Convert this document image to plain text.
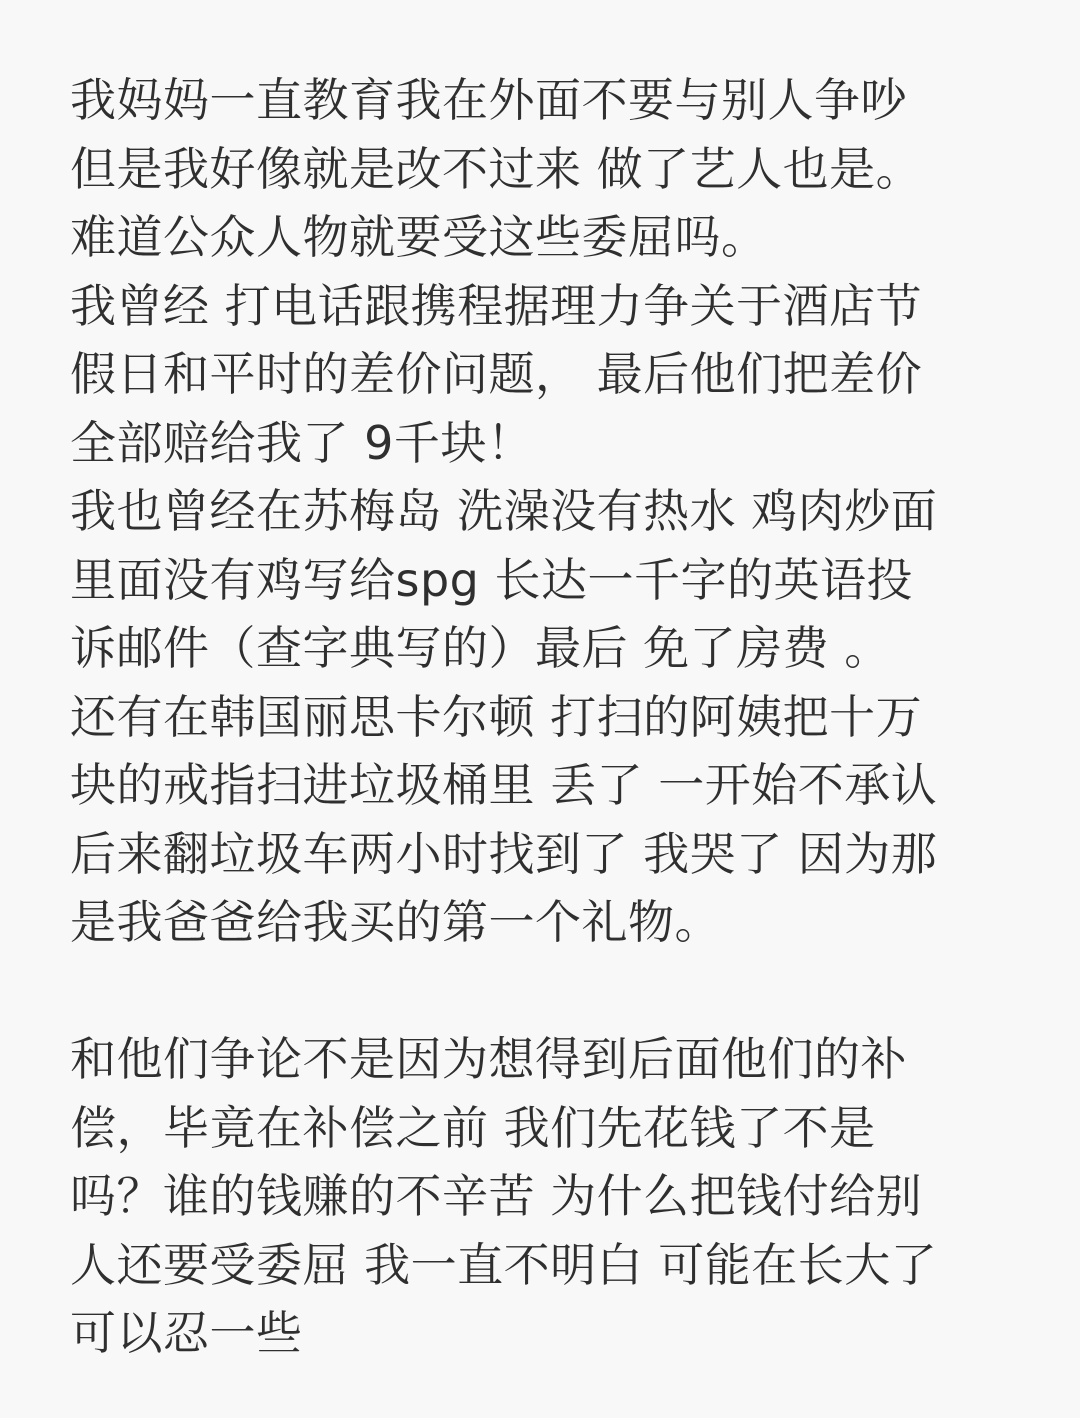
我妈妈一直教育我在外面不要与别人争吵
但是我好像就是改不过来 做了艺人也是。
难道公众人物就要受这些委屈吗。
我曾经 打电话跟携程据理力争关于酒店节
假日和平时的差价问题， 最后他们把差价
全部赔给我了 9千块！
我也曾经在苏梅岛 洗澡没有热水 鸡肉炒面
里面没有鸡写给spg 长达一千字的英语投
诉邮件（查字典写的）最后 免了房费 。
还有在韩国丽思卡尔顿 打扫的阿姨把十万
块的戒指扫进垃圾桶里 丢了 一开始不承认
后来翻垃圾车两小时找到了 我哭了 因为那
是我爸爸给我买的第一个礼物。
和他们争论不是因为想得到后面他们的补
偿，毕竟在补偿之前 我们先花钱了不是
吗？谁的钱赚的不辛苦 为什么把钱付给别
人还要受委屈 我一直不明白 可能在长大了
可以忍一些
